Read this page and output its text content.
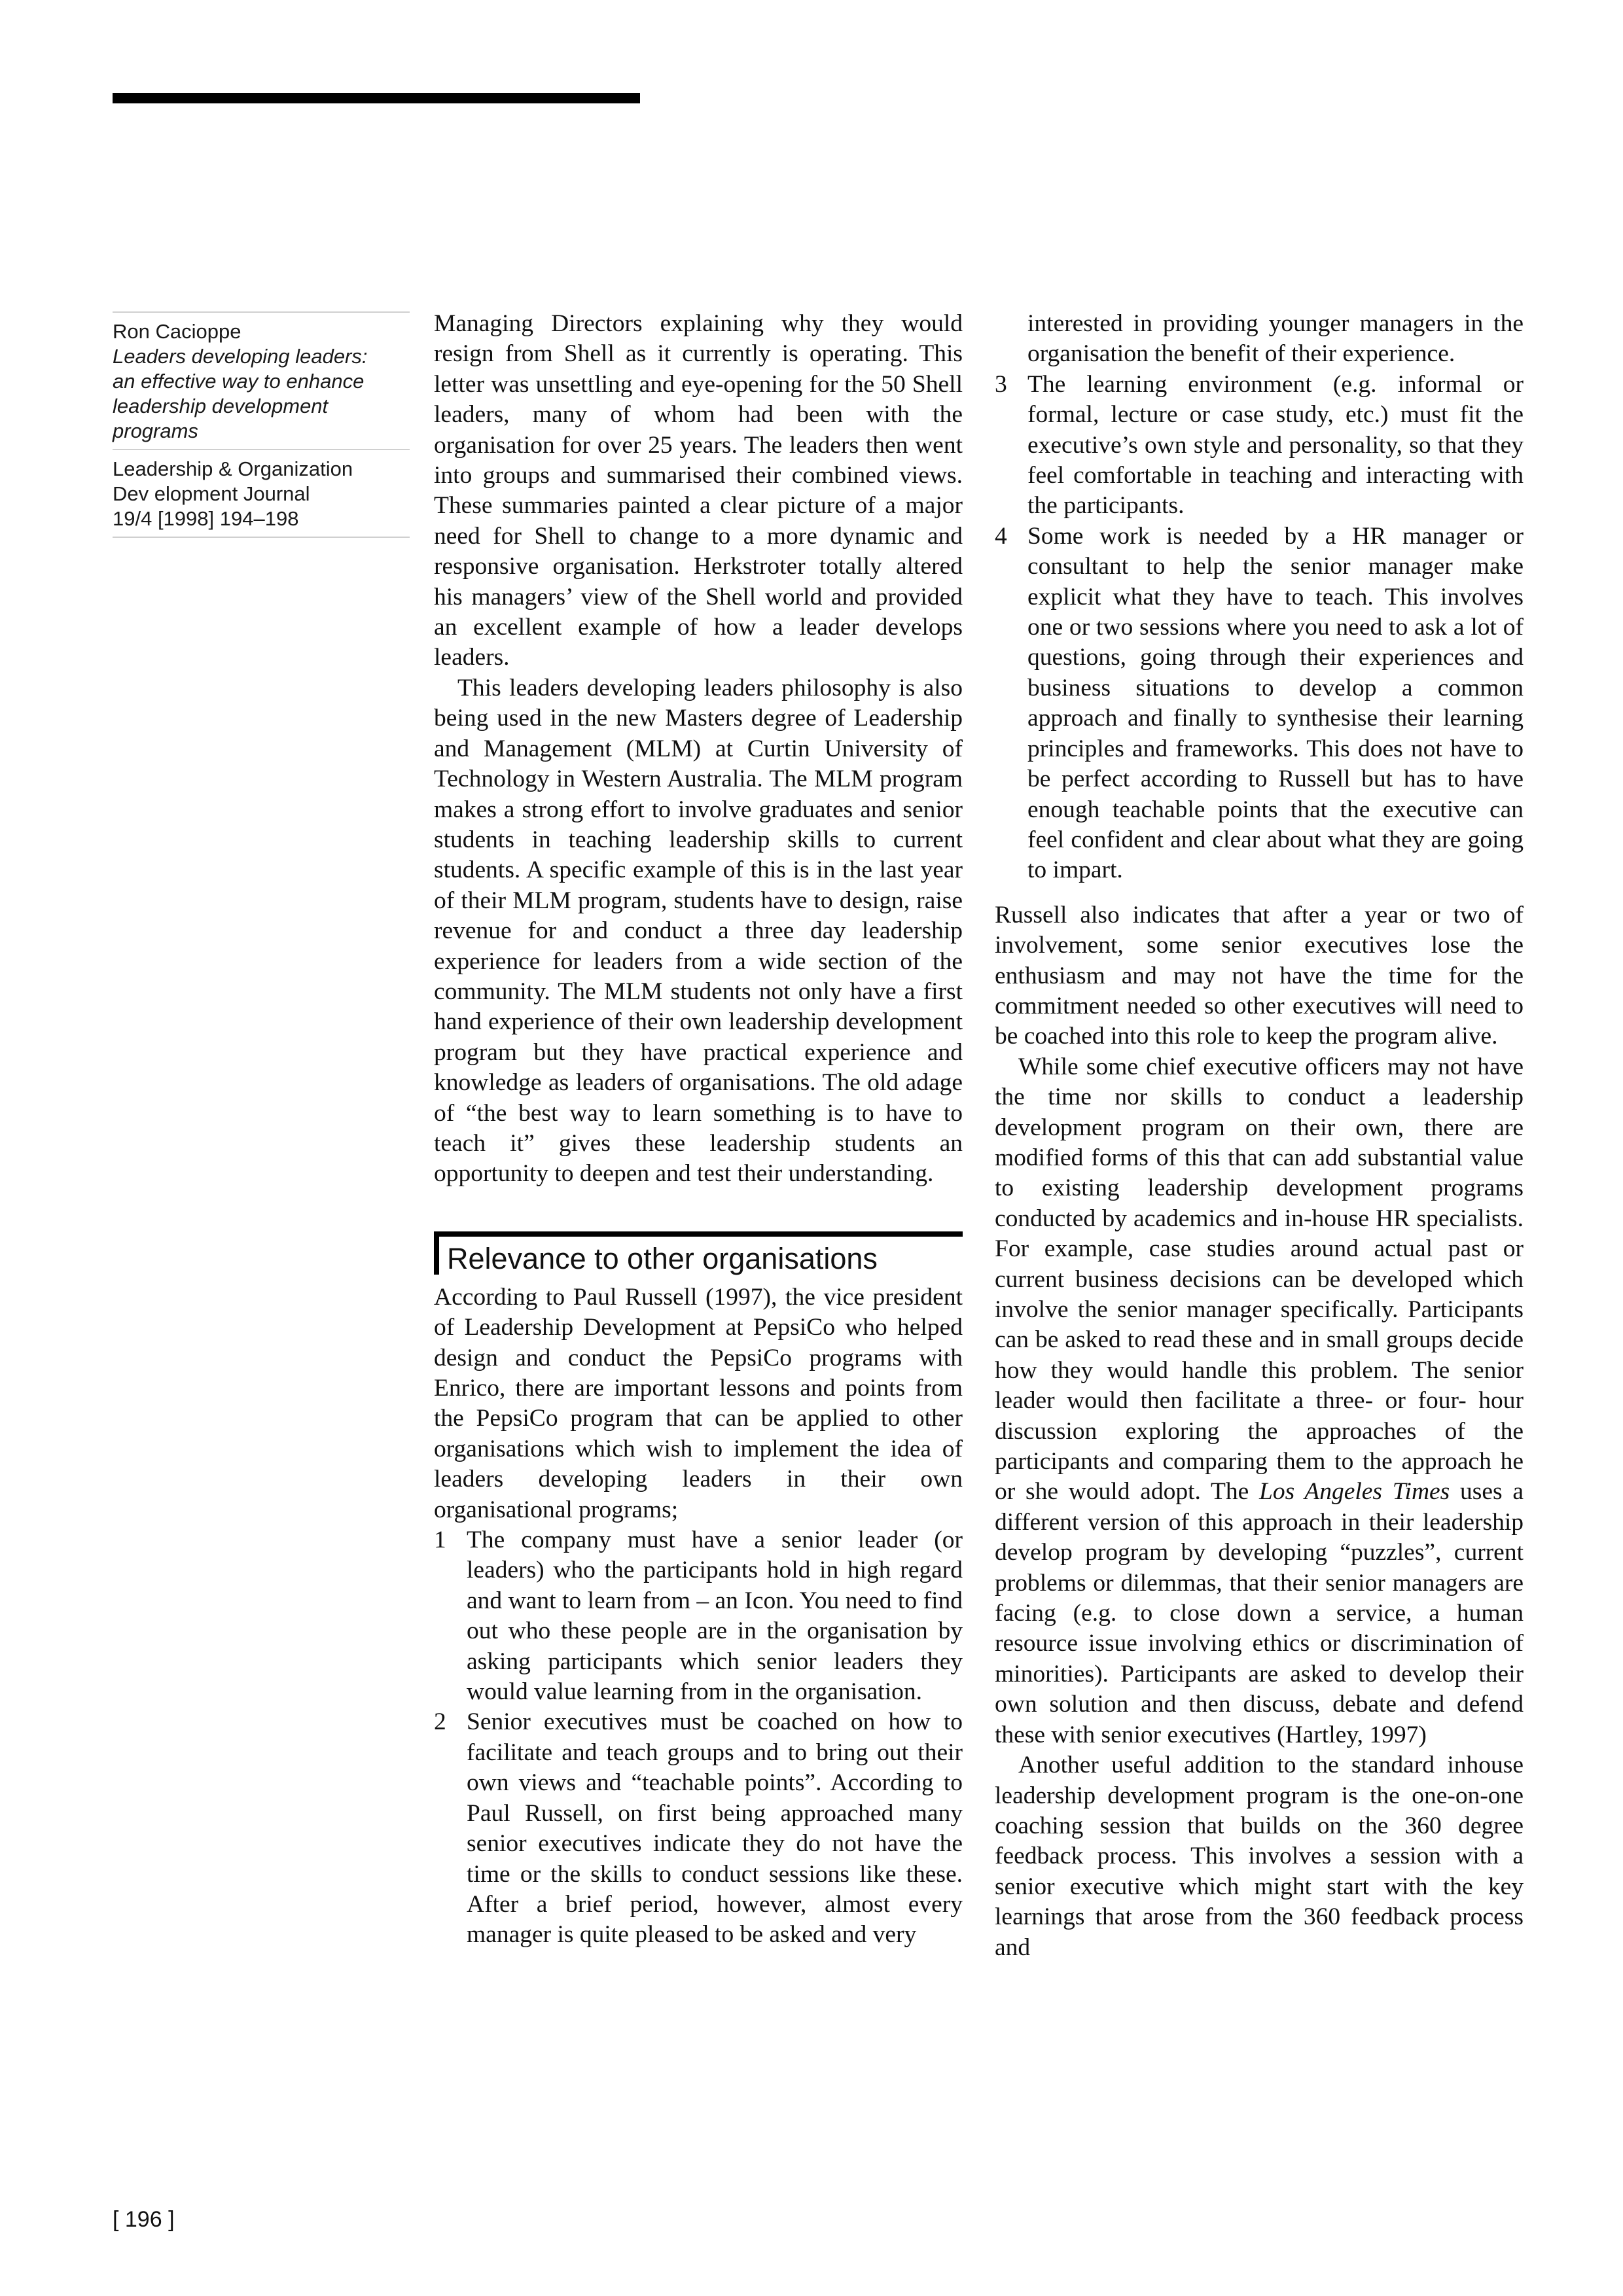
Ron Cacioppe
Leaders developing leaders:
an effective way to enhance
leadership development
programs
Leadership & Organization
Dev elopment Journal
19/4 [1998] 194–198

Managing Directors explaining why they would resign from Shell as it currently is operating. This letter was unsettling and eye-opening for the 50 Shell leaders, many of whom had been with the organisation for over 25 years. The leaders then went into groups and summarised their combined views. These summaries painted a clear picture of a major need for Shell to change to a more dynamic and responsive organisation. Herkstroter totally altered his managers’ view of the Shell world and provided an excellent example of how a leader develops leaders.

This leaders developing leaders philosophy is also being used in the new Masters degree of Leadership and Management (MLM) at Curtin University of Technology in Western Australia. The MLM program makes a strong effort to involve graduates and senior students in teaching leadership skills to current students. A specific example of this is in the last year of their MLM program, students have to design, raise revenue for and conduct a three day leadership experience for leaders from a wide section of the community. The MLM students not only have a first hand experience of their own leadership development program but they have practical experience and knowledge as leaders of organisations. The old adage of “the best way to learn something is to have to teach it” gives these leadership students an opportunity to deepen and test their understanding.

Relevance to other organisations

According to Paul Russell (1997), the vice president of Leadership Development at PepsiCo who helped design and conduct the PepsiCo programs with Enrico, there are important lessons and points from the PepsiCo program that can be applied to other organisations which wish to implement the idea of leaders developing leaders in their own organisational programs;

1 The company must have a senior leader (or leaders) who the participants hold in high regard and want to learn from – an Icon. You need to find out who these people are in the organisation by asking participants which senior leaders they would value learning from in the organisation.
2 Senior executives must be coached on how to facilitate and teach groups and to bring out their own views and “teachable points”. According to Paul Russell, on first being approached many senior executives indicate they do not have the time or the skills to conduct sessions like these. After a brief period, however, almost every manager is quite pleased to be asked and very
interested in providing younger managers in the organisation the benefit of their experience.
3 The learning environment (e.g. informal or formal, lecture or case study, etc.) must fit the executive’s own style and personality, so that they feel comfortable in teaching and interacting with the participants.
4 Some work is needed by a HR manager or consultant to help the senior manager make explicit what they have to teach. This involves one or two sessions where you need to ask a lot of questions, going through their experiences and business situations to develop a common approach and finally to synthesise their learning principles and frameworks. This does not have to be perfect according to Russell but has to have enough teachable points that the executive can feel confident and clear about what they are going to impart.

Russell also indicates that after a year or two of involvement, some senior executives lose the enthusiasm and may not have the time for the commitment needed so other executives will need to be coached into this role to keep the program alive.

While some chief executive officers may not have the time nor skills to conduct a leadership development program on their own, there are modified forms of this that can add substantial value to existing leadership development programs conducted by academics and in-house HR specialists. For example, case studies around actual past or current business decisions can be developed which involve the senior manager specifically. Participants can be asked to read these and in small groups decide how they would handle this problem. The senior leader would then facilitate a three- or four- hour discussion exploring the approaches of the participants and comparing them to the approach he or she would adopt. The Los Angeles Times uses a different version of this approach in their leadership develop program by developing “puzzles”, current problems or dilemmas, that their senior managers are facing (e.g. to close down a service, a human resource issue involving ethics or discrimination of minorities). Participants are asked to develop their own solution and then discuss, debate and defend these with senior executives (Hartley, 1997)

Another useful addition to the standard inhouse leadership development program is the one-on-one coaching session that builds on the 360 degree feedback process. This involves a session with a senior executive which might start with the key learnings that arose from the 360 feedback process and

[ 196 ]
